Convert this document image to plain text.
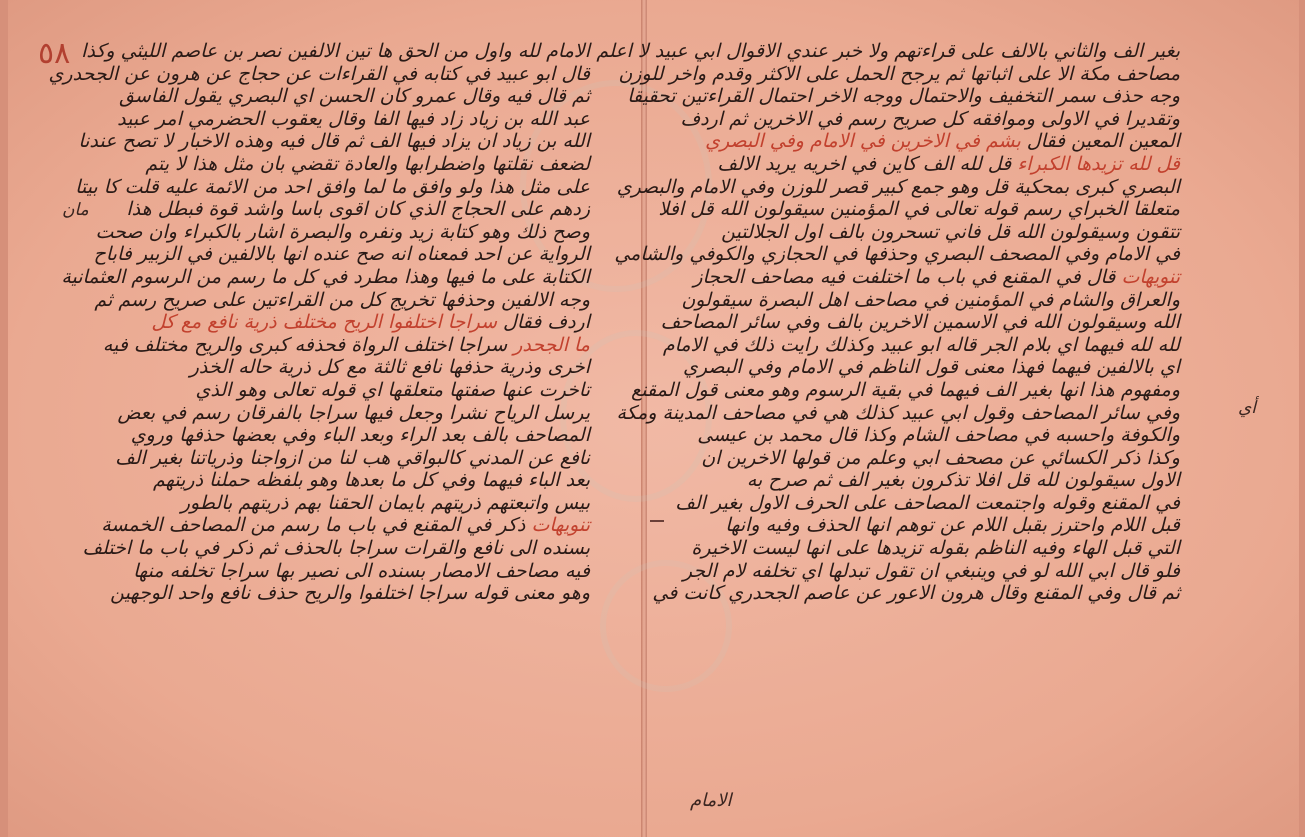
٥٨
مان
أي
الامام لله واول من الحق ها تين الالفين نصر بن عاصم الليثي وكذا
قال ابو عبيد في كتابه في القراءات عن حجاج عن هرون عن الجحدري
ثم قال فيه وقال عمرو كان الحسن اي البصري يقول الفاسق
عبد الله بن زياد زاد فيها الفا وقال يعقوب الحضرمي امر عبيد
الله بن زياد ان يزاد فيها الف ثم قال فيه وهذه الاخبار لا تصح عندنا
لضعف نقلتها واضطرابها والعادة تقضي بان مثل هذا لا يتم
على مثل هذا ولو وافق ما لما وافق احد من الائمة عليه قلت كا بيتا
زدهم على الحجاج الذي كان اقوى باسا واشد قوة فبطل هذا
وصح ذلك وهو كتابة زيد ونفره والبصرة اشار بالكبراء وان صحت
الرواية عن احد فمعناه انه صح عنده انها بالالفين في الزبير فاباح
الكتابة على ما فيها وهذا مطرد في كل ما رسم من الرسوم العثمانية
وجه الالفين وحذفها تخريج كل من القراءتين على صريح رسم ثم
اردف فقال سراجا اختلفوا الريح مختلف ذرية نافع مع كل
ما الجحدر سراجا اختلف الرواة فحذفه كبرى والريح مختلف فيه
اخرى وذرية حذفها نافع ثالثة مع كل ذرية حاله الخذر
تاخرت عنها صفتها متعلقها اي قوله تعالى وهو الذي
يرسل الرياح نشرا وجعل فيها سراجا بالفرقان رسم في بعض
المصاحف بالف بعد الراء وبعد الباء وفي بعضها حذفها وروي
نافع عن المدني كالبواقي هب لنا من ازواجنا وذرياتنا بغير الف
بعد الباء فيهما وفي كل ما بعدها وهو بلفظه حملنا ذريتهم
بيس واتبعتهم ذريتهم بايمان الحقنا بهم ذريتهم بالطور
تنويهات ذكر في المقنع في باب ما رسم من المصاحف الخمسة
بسنده الى نافع والقرات سراجا بالحذف ثم ذكر في باب ما اختلف
فيه مصاحف الامصار بسنده الى نصير بها سراجا تخلفه منها
وهو معنى قوله سراجا اختلفوا والريح حذف نافع واحد الوجهين
بغير الف والثاني بالالف على قراءتهم ولا خبر عندي الاقوال ابي عبيد لا اعلم
مصاحف مكة الا على اثباتها ثم يرجح الحمل على الاكثر وقدم واخر للوزن
وجه حذف سمر التخفيف والاحتمال ووجه الاخر احتمال القراءتين تحقيقا
وتقديرا في الاولى وموافقه كل صريح رسم في الاخرين ثم اردف
المعين المعين فقال بشم في الاخرين في الامام وفي البصري
قل لله تزيدها الكبراء قل لله الف كاين في اخريه يريد الالف
البصري كبرى بمحكية قل وهو جمع كبير قصر للوزن وفي الامام والبصري
متعلقا الخبراي رسم قوله تعالى في المؤمنين سيقولون الله قل افلا
تتقون وسيقولون الله قل فاني تسحرون بالف اول الجلالتين
في الامام وفي المصحف البصري وحذفها في الحجازي والكوفي والشامي
تنويهات قال في المقنع في باب ما اختلفت فيه مصاحف الحجاز
والعراق والشام في المؤمنين في مصاحف اهل البصرة سيقولون
الله وسيقولون الله في الاسمين الاخرين بالف وفي سائر المصاحف
لله لله فيهما اي بلام الجر قاله ابو عبيد وكذلك رايت ذلك في الامام
اي بالالفين فيهما فهذا معنى قول الناظم في الامام وفي البصري
ومفهوم هذا انها بغير الف فيهما في بقية الرسوم وهو معنى قول المقنع
وفي سائر المصاحف وقول ابي عبيد كذلك هي في مصاحف المدينة ومكة
والكوفة واحسبه في مصاحف الشام وكذا قال محمد بن عيسى
وكذا ذكر الكسائي عن مصحف ابي وعلم من قولها الاخرين ان
الاول سيقولون لله قل افلا تذكرون بغير الف ثم صرح به
في المقنع وقوله واجتمعت المصاحف على الحرف الاول بغير الف
قبل اللام واحترز بقبل اللام عن توهم انها الحذف وفيه وانها
التي قبل الهاء وفيه الناظم بقوله تزيدها على انها ليست الاخيرة
فلو قال ابي الله لو في وينبغي ان تقول تبدلها اي تخلفه لام الجر
ثم قال وفي المقنع وقال هرون الاعور عن عاصم الجحدري كانت في
الامام
